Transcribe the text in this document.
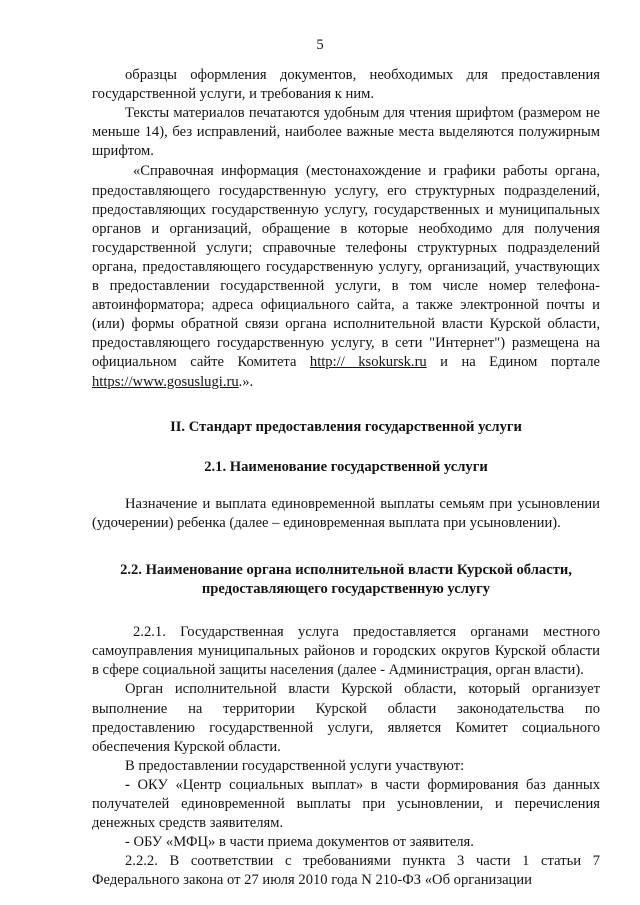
5

образцы оформления документов, необходимых для предоставления государственной услуги, и требования к ним.

Тексты материалов печатаются удобным для чтения шрифтом (размером не меньше 14), без исправлений, наиболее важные места выделяются полужирным шрифтом.

«Справочная информация (местонахождение и графики работы органа, предоставляющего государственную услугу, его структурных подразделений, предоставляющих государственную услугу, государственных и муниципальных органов и организаций, обращение в которые необходимо для получения государственной услуги; справочные телефоны структурных подразделений органа, предоставляющего государственную услугу, организаций, участвующих в предоставлении государственной услуги, в том числе номер телефона-автоинформатора; адреса официального сайта, а также электронной почты и (или) формы обратной связи органа исполнительной власти Курской области, предоставляющего государственную услугу, в сети "Интернет") размещена на официальном сайте Комитета http:// ksokursk.ru и на Едином портале https://www.gosuslugi.ru.».

II. Стандарт предоставления государственной услуги

2.1. Наименование государственной услуги

Назначение и выплата единовременной выплаты семьям при усыновлении (удочерении) ребенка (далее – единовременная выплата при усыновлении).

2.2. Наименование органа исполнительной власти Курской области,
предоставляющего государственную услугу

2.2.1. Государственная услуга предоставляется органами местного самоуправления муниципальных районов и городских округов Курской области в сфере социальной защиты населения (далее - Администрация, орган власти).

Орган исполнительной власти Курской области, который организует выполнение на территории Курской области законодательства по предоставлению государственной услуги, является Комитет социального обеспечения Курской области.

В предоставлении государственной услуги участвуют:

- ОКУ «Центр социальных выплат» в части формирования баз данных получателей единовременной выплаты при усыновлении, и перечисления денежных средств заявителям.

- ОБУ «МФЦ» в части приема документов от заявителя.

2.2.2. В соответствии с требованиями пункта 3 части 1 статьи 7 Федерального закона от 27 июля 2010 года N 210-ФЗ «Об организации
